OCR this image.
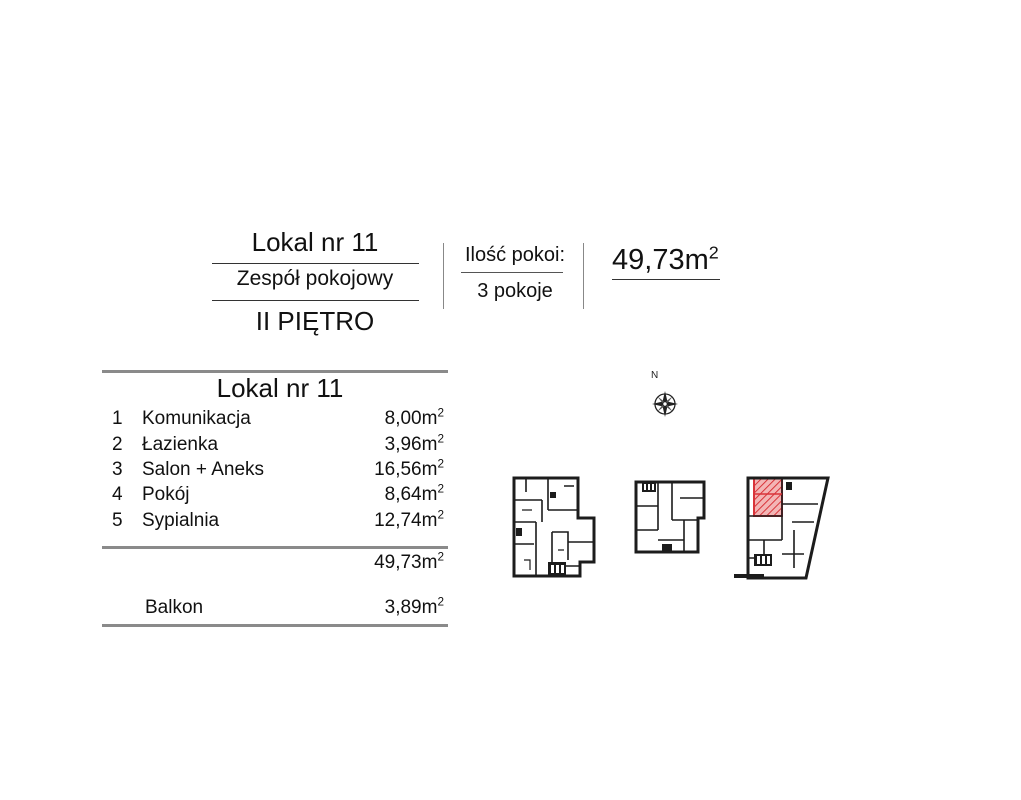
Lokal nr 11
Zespół pokojowy
II PIĘTRO
Ilość pokoi:
3 pokoje
$49,73m^2$
Lokal nr 11
1	Komunikacja	$8,00m^2$
2	Łazienka	$3,96m^2$
3	Salon + Aneks	$16,56m^2$
4	Pokój	$8,64m^2$
5	Sypialnia	$12,74m^2$
$49,73m^2$
Balkon	$3,89m^2$
N
